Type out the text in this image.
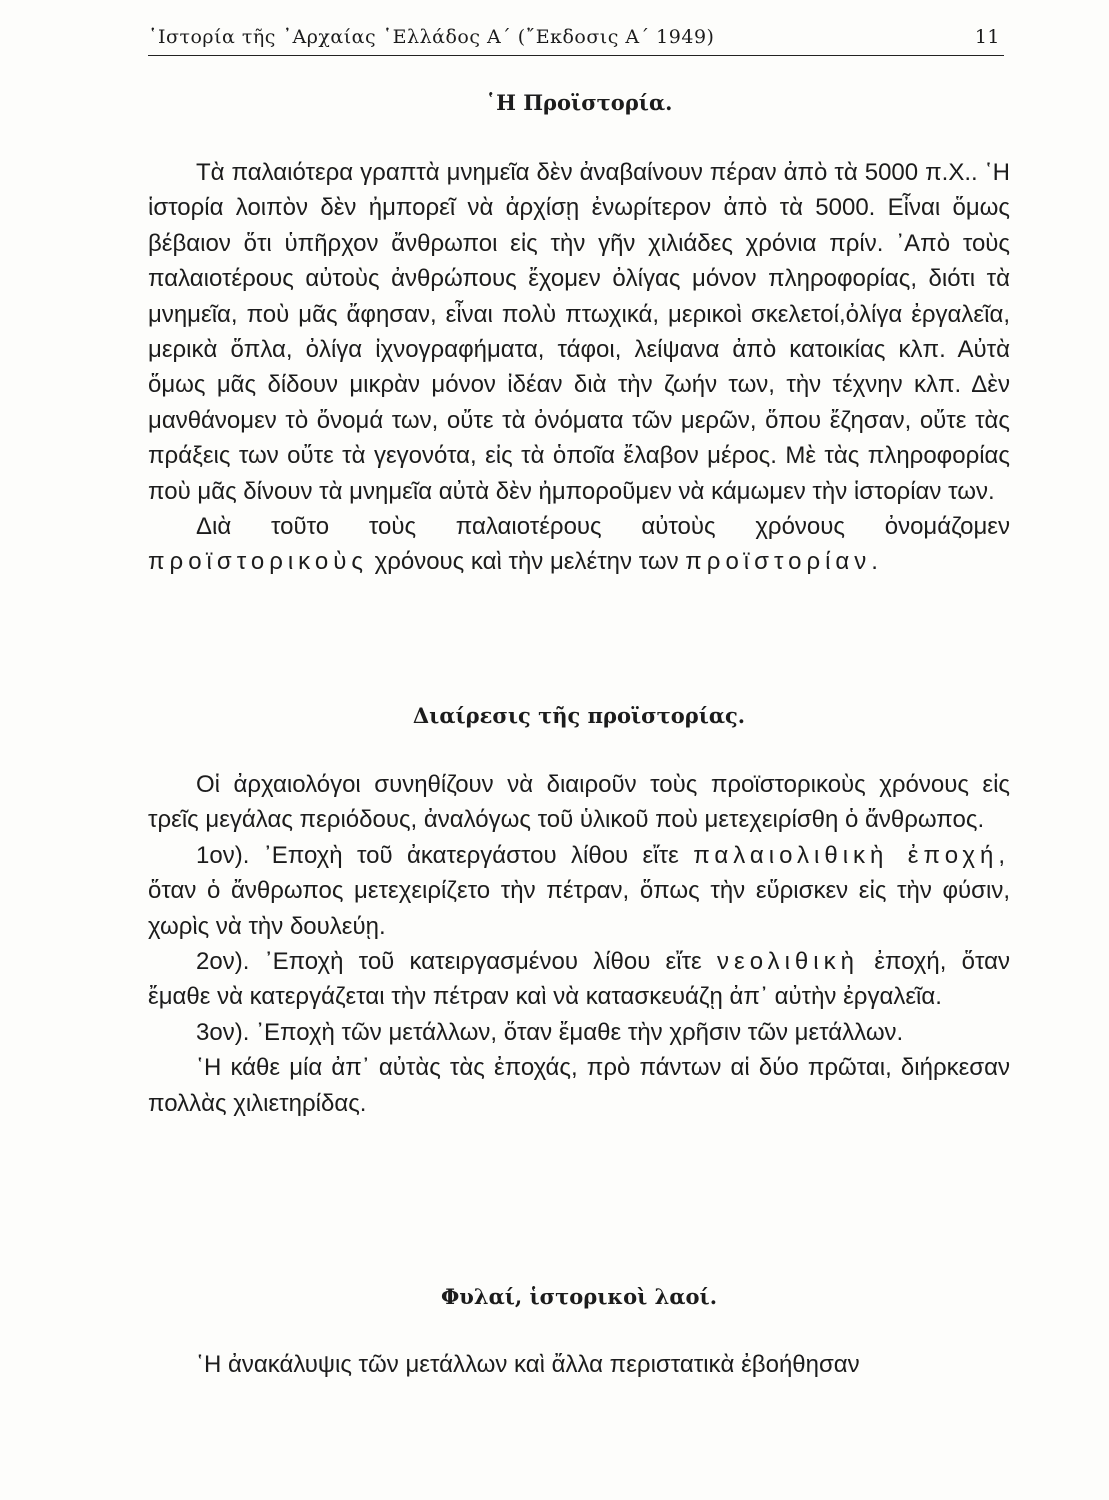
῾Ιστορία τῆς ᾿Αρχαίας ῾Ελλάδος Α΄ (῎Εκδοσις Α΄ 1949)	11
῾Η Προϊστορία.

Τὰ παλαιότερα γραπτὰ μνημεῖα δὲν ἀναβαίνουν πέραν ἀπὸ τὰ 5000 π.Χ.. ῾Η ἱστορία λοιπὸν δὲν ἠμπορεῖ νὰ ἀρχίσῃ ἐνωρίτερον ἀπὸ τὰ 5000. Εἶναι ὅμως βέβαιον ὅτι ὑπῆρχον ἄνθρωποι εἰς τὴν γῆν χιλιάδες χρόνια πρίν. ᾿Απὸ τοὺς παλαιοτέρους αὐτοὺς ἀνθρώπους ἔχομεν ὀλίγας μόνον πληροφορίας, διότι τὰ μνημεῖα, ποὺ μᾶς ἄφησαν, εἶναι πολὺ πτωχικά, μερικοὶ σκελετοί,ὀλίγα ἐργαλεῖα, μερικὰ ὅπλα, ὀλίγα ἰχνογραφήματα, τάφοι, λείψανα ἀπὸ κατοικίας κλπ. Αὐτὰ ὅμως μᾶς δίδουν μικρὰν μόνον ἰδέαν διὰ τὴν ζωήν των, τὴν τέχνην κλπ. Δὲν μανθάνομεν τὸ ὄνομά των, οὔτε τὰ ὀνόματα τῶν μερῶν, ὅπου ἔζησαν, οὔτε τὰς πράξεις των οὔτε τὰ γεγονότα, εἰς τὰ ὁποῖα ἔλαβον μέρος. Μὲ τὰς πληροφορίας ποὺ μᾶς δίνουν τὰ μνημεῖα αὐτὰ δὲν ἠμποροῦμεν νὰ κάμωμεν τὴν ἱστορίαν των.

Διὰ τοῦτο τοὺς παλαιοτέρους αὐτοὺς χρόνους ὀνομάζομεν προϊστορικοὺς χρόνους καὶ τὴν μελέτην των προϊστορίαν.

Διαίρεσις τῆς προϊστορίας.

Οἱ ἀρχαιολόγοι συνηθίζουν νὰ διαιροῦν τοὺς προϊστορικοὺς χρόνους εἰς τρεῖς μεγάλας περιόδους, ἀναλόγως τοῦ ὑλικοῦ ποὺ μετεχειρίσθη ὁ ἄνθρωπος.

1ον). ᾿Εποχὴ τοῦ ἀκατεργάστου λίθου εἴτε παλαιολιθικὴ ἐποχή, ὅταν ὁ ἄνθρωπος μετεχειρίζετο τὴν πέτραν, ὅπως τὴν εὕρισκεν εἰς τὴν φύσιν, χωρὶς νὰ τὴν δουλεύῃ.

2ον). ᾿Εποχὴ τοῦ κατειργασμένου λίθου εἴτε νεολιθικὴ ἐποχή, ὅταν ἔμαθε νὰ κατεργάζεται τὴν πέτραν καὶ νὰ κατασκευάζῃ ἀπ᾿ αὐτὴν ἐργαλεῖα.

3ον). ᾿Εποχὴ τῶν μετάλλων, ὅταν ἔμαθε τὴν χρῆσιν τῶν μετάλλων.

῾Η κάθε μία ἀπ᾿ αὐτὰς τὰς ἐποχάς, πρὸ πάντων αἱ δύο πρῶται, διήρκεσαν πολλὰς χιλιετηρίδας.

Φυλαί, ἱστορικοὶ λαοί.

῾Η ἀνακάλυψις τῶν μετάλλων καὶ ἄλλα περιστατικὰ ἐβοήθησαν
